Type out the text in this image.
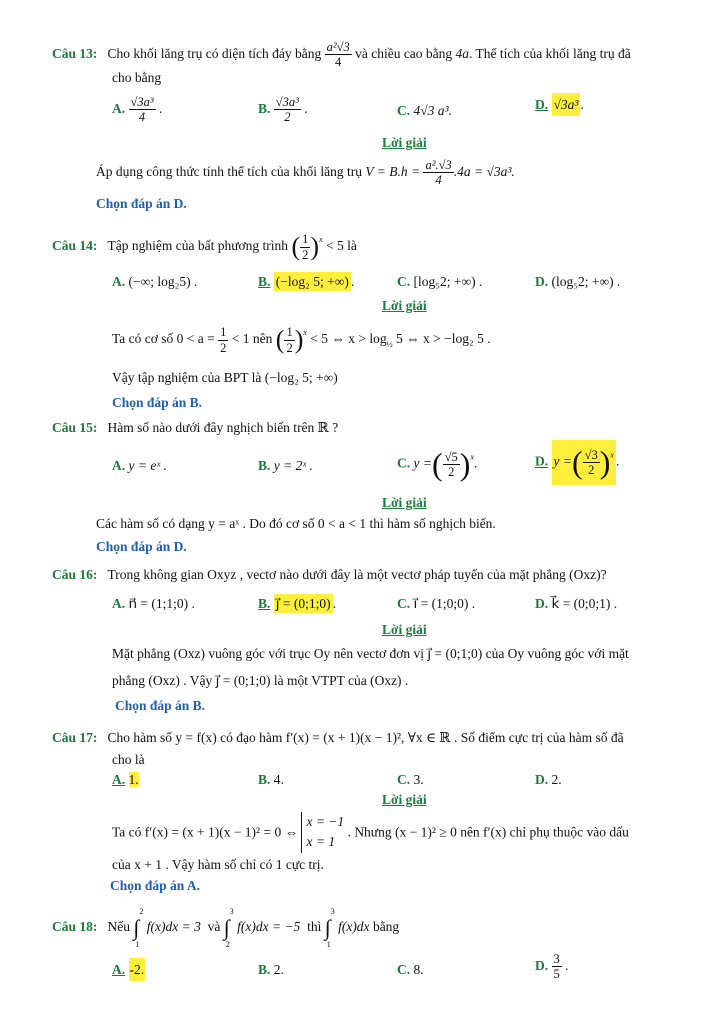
Câu 13: Cho khối lăng trụ có diện tích đáy bằng $\frac{\text{a²√3}}{4}$ và chiều cao bằng 4a. Thể tích của khối lăng trụ đã
cho bằng
A. $\frac{\text{√3a³}}{4}$ .	B. $\frac{\text{√3a³}}{2}$ .	C. 4√3 a³.	D. √3a³ .
Lời giải
Áp dụng công thức tính thể tích của khối lăng trụ $V = B.h = \frac{\text{a².√3}}{4} .4a = √3a^3$.
Chọn đáp án D.
Câu 14: Tập nghiệm của bất phương trình ( $\frac{1}{2} )^x < 5$ là
A. (−∞; log₂5) .	B. (−log₂ 5; +∞) .	C. [log₅2; +∞) .	D. (log₅2; +∞) .
Lời giải
Ta có cơ số $0 < a = \frac{1}{2} < 1$ nên ( $\frac{1}{2} )^x < 5$ ⇔ $x > \log_{\frac{1}{2}} 5$ ⇔ x > −log₂ 5 .
Vậy tập nghiệm của BPT là (−log₂ 5; +∞)
Chọn đáp án B.
Câu 15: Hàm số nào dưới đây nghịch biến trên ℝ ?
A. y = eˣ .	B. y = 2ˣ .	C. y =( $\frac{√5}{2} )^x$.	D. y =( $\frac{√3}{2} )^x$ .
Lời giải
Các hàm số có dạng y = aˣ . Do đó cơ số 0 < a < 1 thì hàm số nghịch biến.
Chọn đáp án D.
Câu 16: Trong không gian Oxyz , vectơ nào dưới đây là một vectơ pháp tuyến của mặt phẳng (Oxz)?
A. n⃗ = (1;1;0) .	B. j⃗ = (0;1;0) .	C. i⃗ = (1;0;0) .	D. k⃗ = (0;0;1) .
Lời giải
Mặt phẳng (Oxz) vuông góc với trục Oy nên vectơ đơn vị j⃗ = (0;1;0) của Oy vuông góc với mặt
phẳng (Oxz) . Vậy j⃗ = (0;1;0) là một VTPT của (Oxz) .
Chọn đáp án B.
Câu 17: Cho hàm số y = f(x) có đạo hàm f′(x) = (x + 1)(x − 1)², ∀x ∈ ℝ . Số điểm cực trị của hàm số đã
cho là
A. 1.	B. 4.	C. 3.	D. 2.
Lời giải
Ta có f′(x) = (x + 1)(x − 1)² = 0 ⇔
x = −1
x = 1
. Nhưng (x − 1)² ≥ 0 nên f′(x) chỉ phụ thuộc vào dấu
của x + 1 . Vậy hàm số chỉ có 1 cực trị.
Chọn đáp án A.
Câu 18: Nếu ∫
2
1
f(x)dx = 3 và ∫
3
2
f(x)dx = −5 thì ∫
3
1
f(x)dx bằng
A. -2.	B. 2.	C. 8.	D. $\frac{3}{5}$ .
